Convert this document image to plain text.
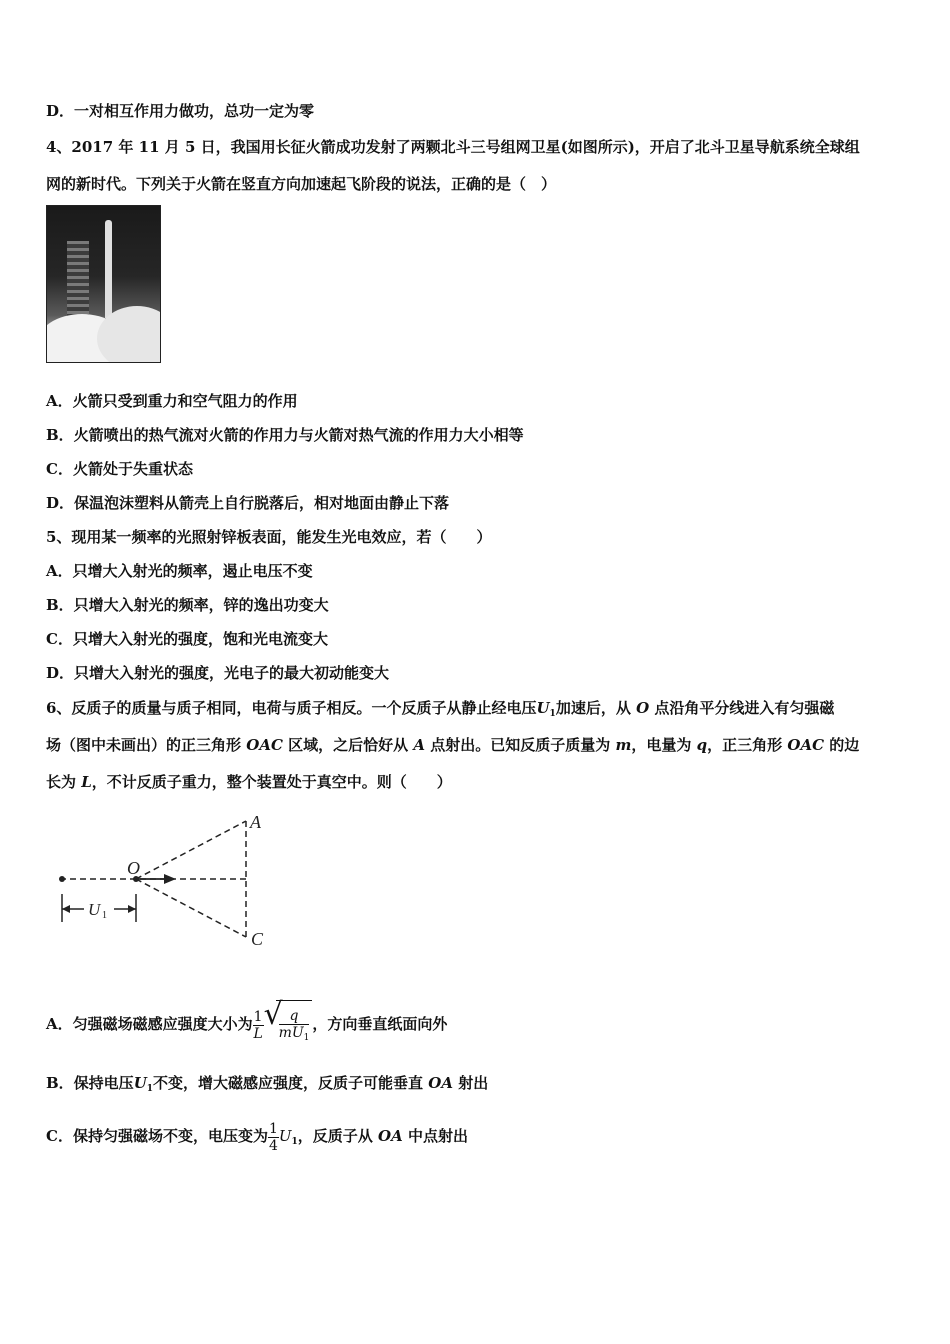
D．一对相互作用力做功，总功一定为零
4、2017 年 11 月 5 日，我国用长征火箭成功发射了两颗北斗三号组网卫星(如图所示)，开启了北斗卫星导航系统全球组
网的新时代。下列关于火箭在竖直方向加速起飞阶段的说法，正确的是（　）
A．火箭只受到重力和空气阻力的作用
B．火箭喷出的热气流对火箭的作用力与火箭对热气流的作用力大小相等
C．火箭处于失重状态
D．保温泡沫塑料从箭壳上自行脱落后，相对地面由静止下落
5、现用某一频率的光照射锌板表面，能发生光电效应，若（　　）
A．只增大入射光的频率，遏止电压不变
B．只增大入射光的频率，锌的逸出功变大
C．只增大入射光的强度，饱和光电流变大
D．只增大入射光的强度，光电子的最大初动能变大
6、反质子的质量与质子相同，电荷与质子相反。一个反质子从静止经电压$U_1$加速后，从 O 点沿角平分线进入有匀强磁
场（图中未画出）的正三角形 OAC 区域，之后恰好从 A 点射出。已知反质子质量为 m，电量为 q，正三角形 OAC 的边
长为 L，不计反质子重力，整个装置处于真空中。则（　　）
A
O
C
U 1
A．匀强磁场磁感应强度大小为 $\frac{1}{L}$ √
$\frac{q}{mU_1}$ ，方向垂直纸面向外
B．保持电压$U_1$不变，增大磁感应强度，反质子可能垂直 OA 射出
C．保持匀强磁场不变，电压变为 $\frac{1}{4} U_1$，反质子从 OA 中点射出
